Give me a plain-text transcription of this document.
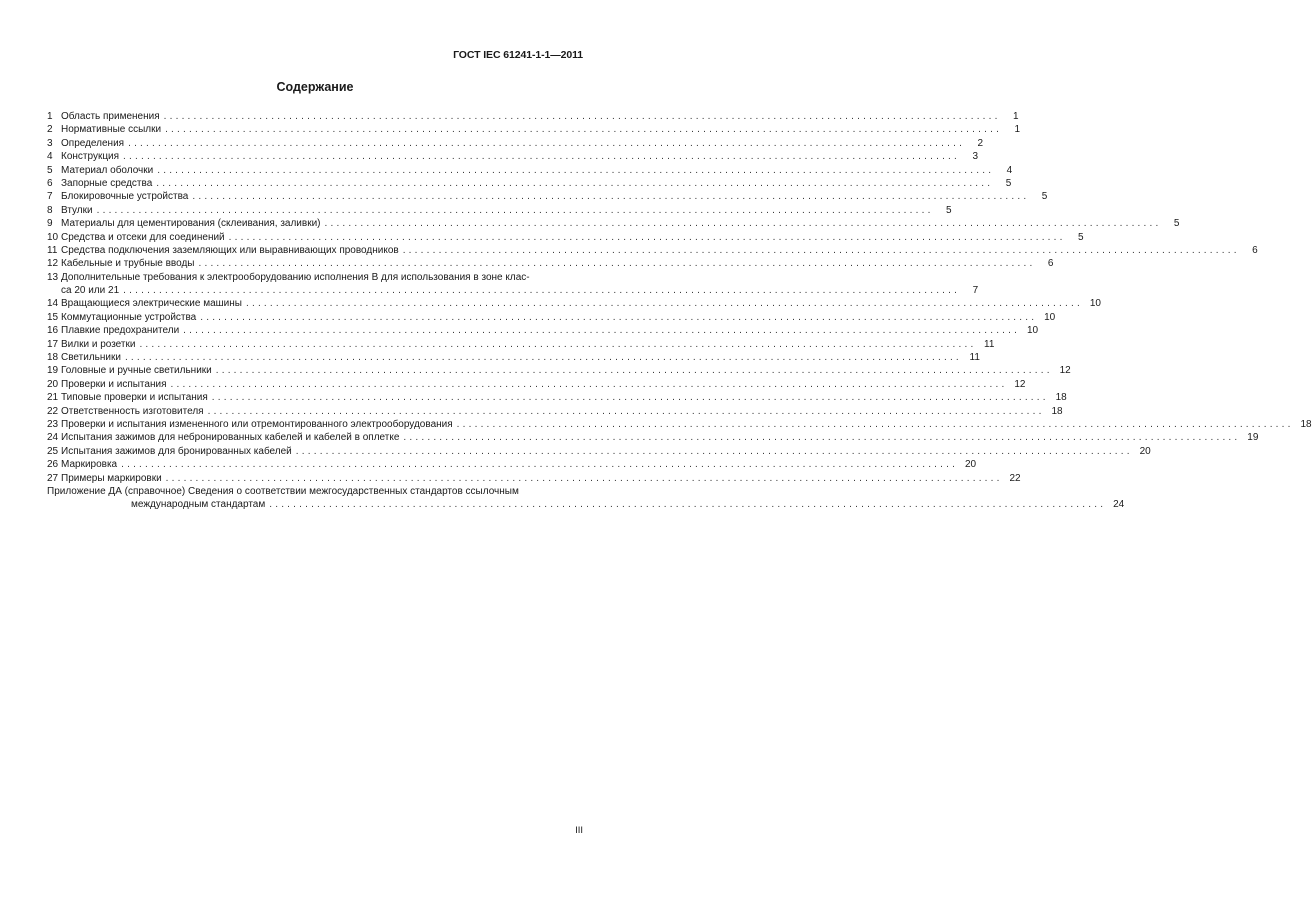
ГОСТ IEC 61241-1-1—2011
Содержание
1 Область применения ............................................................................................................................................	1
2 Нормативные ссылки ............................................................................................................................................	1
3 Определения ............................................................................................................................................	2
4 Конструкция ............................................................................................................................................	3
5 Материал оболочки ............................................................................................................................................	4
6 Запорные средства ............................................................................................................................................	5
7 Блокировочные устройства ............................................................................................................................................	5
8 Втулки ............................................................................................................................................	5
9 Материалы для цементирования (склеивания, заливки) ............................................................................................................................................	5
10 Средства и отсеки для соединений ............................................................................................................................................	5
11 Средства подключения заземляющих или выравнивающих проводников ............................................................................................................................................	6
12 Кабельные и трубные вводы ............................................................................................................................................	6
13 Дополнительные требования к электрооборудованию исполнения В для использования в зоне клас-
са 20 или 21 ............................................................................................................................................	7
14 Вращающиеся электрические машины ............................................................................................................................................ 10
15 Коммутационные устройства ............................................................................................................................................ 10
16 Плавкие предохранители ............................................................................................................................................ 10
17 Вилки и розетки ............................................................................................................................................ 11
18 Светильники ............................................................................................................................................ 11
19 Головные и ручные светильники ............................................................................................................................................ 12
20 Проверки и испытания ............................................................................................................................................ 12
21 Типовые проверки и испытания ............................................................................................................................................ 18
22 Ответственность изготовителя ............................................................................................................................................ 18
23 Проверки и испытания измененного или отремонтированного электрооборудования ............................................................................................................................................ 18
24 Испытания зажимов для небронированных кабелей и кабелей в оплетке ............................................................................................................................................ 19
25 Испытания зажимов для бронированных кабелей ............................................................................................................................................ 20
26 Маркировка ............................................................................................................................................ 20
27 Примеры маркировки ............................................................................................................................................ 22
Приложение ДА (справочное) Сведения о соответствии межгосударственных стандартов ссылочным
международным стандартам ............................................................................................................................................ 24
III
